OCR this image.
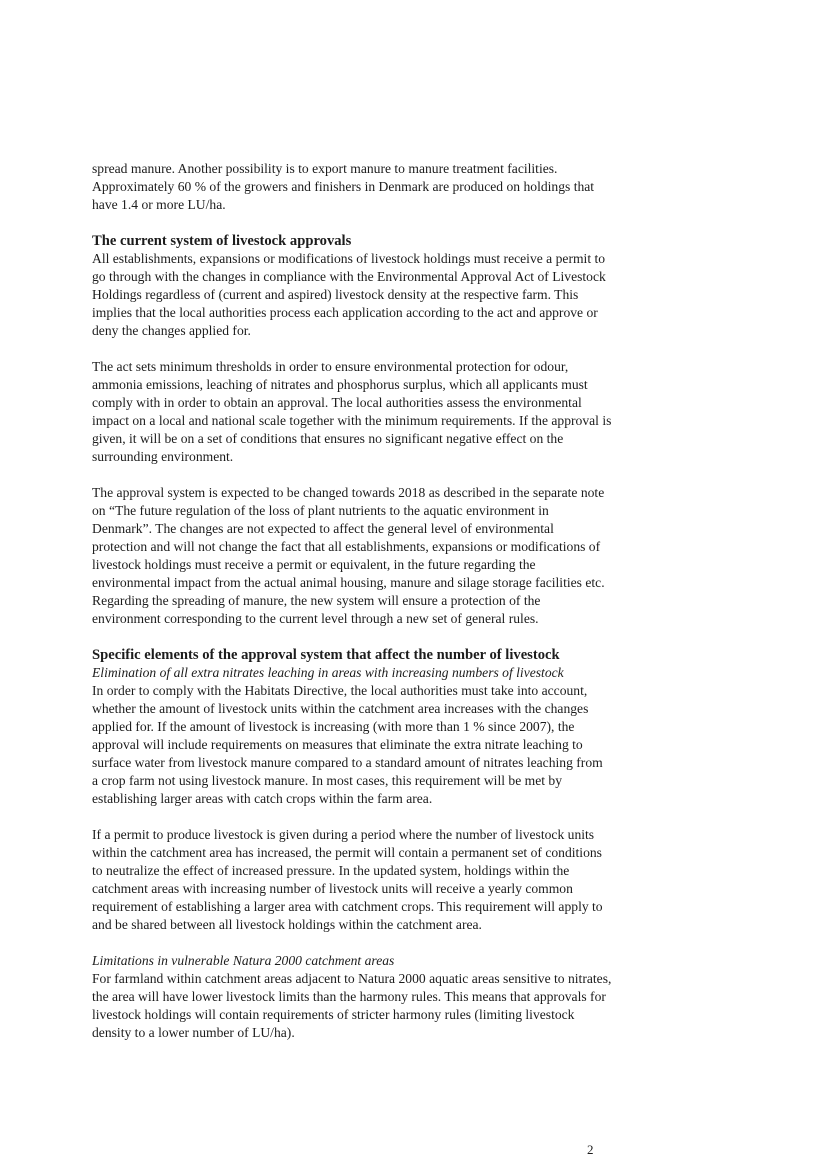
spread manure. Another possibility is to export manure to manure treatment facilities. Approximately 60 % of the growers and finishers in Denmark are produced on holdings that have 1.4 or more LU/ha.

The current system of livestock approvals

All establishments, expansions or modifications of livestock holdings must receive a permit to go through with the changes in compliance with the Environmental Approval Act of Livestock Holdings regardless of (current and aspired) livestock density at the respective farm. This implies that the local authorities process each application according to the act and approve or deny the changes applied for.

The act sets minimum thresholds in order to ensure environmental protection for odour, ammonia emissions, leaching of nitrates and phosphorus surplus, which all applicants must comply with in order to obtain an approval. The local authorities assess the environmental impact on a local and national scale together with the minimum requirements. If the approval is given, it will be on a set of conditions that ensures no significant negative effect on the surrounding environment.

The approval system is expected to be changed towards 2018 as described in the separate note on “The future regulation of the loss of plant nutrients to the aquatic environment in Denmark”. The changes are not expected to affect the general level of environmental protection and will not change the fact that all establishments, expansions or modifications of livestock holdings must receive a permit or equivalent, in the future regarding the environmental impact from the actual animal housing, manure and silage storage facilities etc. Regarding the spreading of manure, the new system will ensure a protection of the environment corresponding to the current level through a new set of general rules.

Specific elements of the approval system that affect the number of livestock

Elimination of all extra nitrates leaching in areas with increasing numbers of livestock

In order to comply with the Habitats Directive, the local authorities must take into account, whether the amount of livestock units within the catchment area increases with the changes applied for. If the amount of livestock is increasing (with more than 1 % since 2007), the approval will include requirements on measures that eliminate the extra nitrate leaching to surface water from livestock manure compared to a standard amount of nitrates leaching from a crop farm not using livestock manure. In most cases, this requirement will be met by establishing larger areas with catch crops within the farm area.

If a permit to produce livestock is given during a period where the number of livestock units within the catchment area has increased, the permit will contain a permanent set of conditions to neutralize the effect of increased pressure. In the updated system, holdings within the catchment areas with increasing number of livestock units will receive a yearly common requirement of establishing a larger area with catchment crops. This requirement will apply to and be shared between all livestock holdings within the catchment area.

Limitations in vulnerable Natura 2000 catchment areas

For farmland within catchment areas adjacent to Natura 2000 aquatic areas sensitive to nitrates, the area will have lower livestock limits than the harmony rules. This means that approvals for livestock holdings will contain requirements of stricter harmony rules (limiting livestock density to a lower number of LU/ha).

2
